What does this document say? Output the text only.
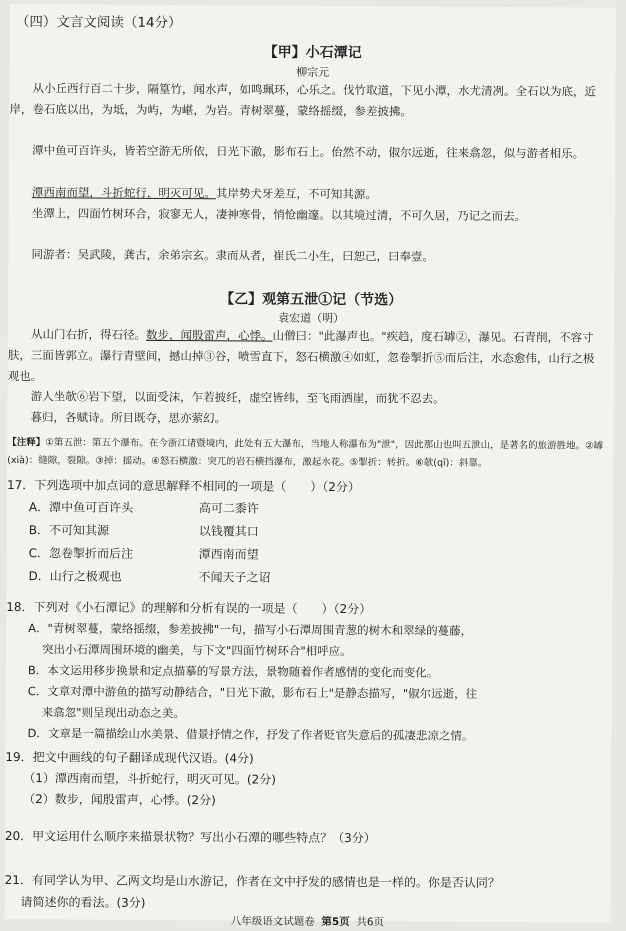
（四）文言文阅读（14分）
【甲】小石潭记
柳宗元
从小丘西行百二十步，隔篁竹，闻水声，如鸣珮环，心乐之。伐竹取道，下见小潭，水尤清冽。全石以为底，近岸，卷石底以出，为坻，为屿，为嵁，为岩。青树翠蔓，蒙络摇缀，参差披拂。
潭中鱼可百许头，皆若空游无所依，日光下澈，影布石上。佁然不动，俶尔远逝，往来翕忽，似与游者相乐。
潭西南而望，斗折蛇行，明灭可见。其岸势犬牙差互，不可知其源。
坐潭上，四面竹树环合，寂寥无人，凄神寒骨，悄怆幽邃。以其境过清，不可久居，乃记之而去。
同游者：吴武陵，龚古，余弟宗玄。隶而从者，崔氏二小生，曰恕己，曰奉壹。
【乙】观第五泄①记（节选）
袁宏道（明）
从山门右折，得石径。数步，闻殷雷声，心悸。山僧曰："此瀑声也。"疾趋，度石罅②，瀑见。石青削，不容寸肤，三面皆郭立。瀑行青壁间，撼山掉③谷，喷雪直下，怒石横激④如虹，忽卷掣折⑤而后注，水态愈伟，山行之极观也。
游人坐欹⑥岩下望，以面受沫，乍若披纴，虚空皆纬，至飞雨洒崖，而犹不忍去。
暮归，各赋诗。所目既夺，思亦萦幻。
【注释】①第五泄：第五个瀑布。在今浙江诸暨境内，此处有五大瀑布，当地人称瀑布为"泄"，因此那山也叫五泄山，是著名的旅游胜地。②罅(xià)：缝隙，裂隙。③掉：摇动。④怒石横激：突兀的岩石横挡瀑布，激起水花。⑤掣折：转折。⑥欹(qī)：斜靠。
17．下列选项中加点词的意思解释不相同的一项是（　　）（2分）
A．潭中鱼可百许头	高可二黍许
B．不可知其源	以钱覆其口
C．忽卷掣折而后注	潭西南而望
D．山行之极观也	不闻天子之诏
18．下列对《小石潭记》的理解和分析有误的一项是（　　）（2分）
A．"青树翠蔓，蒙络摇缀，参差披拂"一句，描写小石潭周围青葱的树木和翠绿的蔓藤，
突出小石潭周围环境的幽美，与下文"四面竹树环合"相呼应。
B．本文运用移步换景和定点描摹的写景方法，景物随着作者感情的变化而变化。
C．文章对潭中游鱼的描写动静结合，"日光下澈，影布石上"是静态描写，"俶尔远逝，往
来翕忽"则呈现出动态之美。
D．文章是一篇描绘山水美景、借景抒情之作，抒发了作者贬官失意后的孤凄悲凉之情。
19．把文中画线的句子翻译成现代汉语。(4分)
（1）潭西南而望，斗折蛇行，明灭可见。(2分)
（2）数步，闻殷雷声，心悸。(2分)
20．甲文运用什么顺序来描景状物？写出小石潭的哪些特点？（3分）
21．有同学认为甲、乙两文均是山水游记，作者在文中抒发的感情也是一样的。你是否认同？
请简述你的看法。(3分)
八年级语文试题卷 第5页 共6页
